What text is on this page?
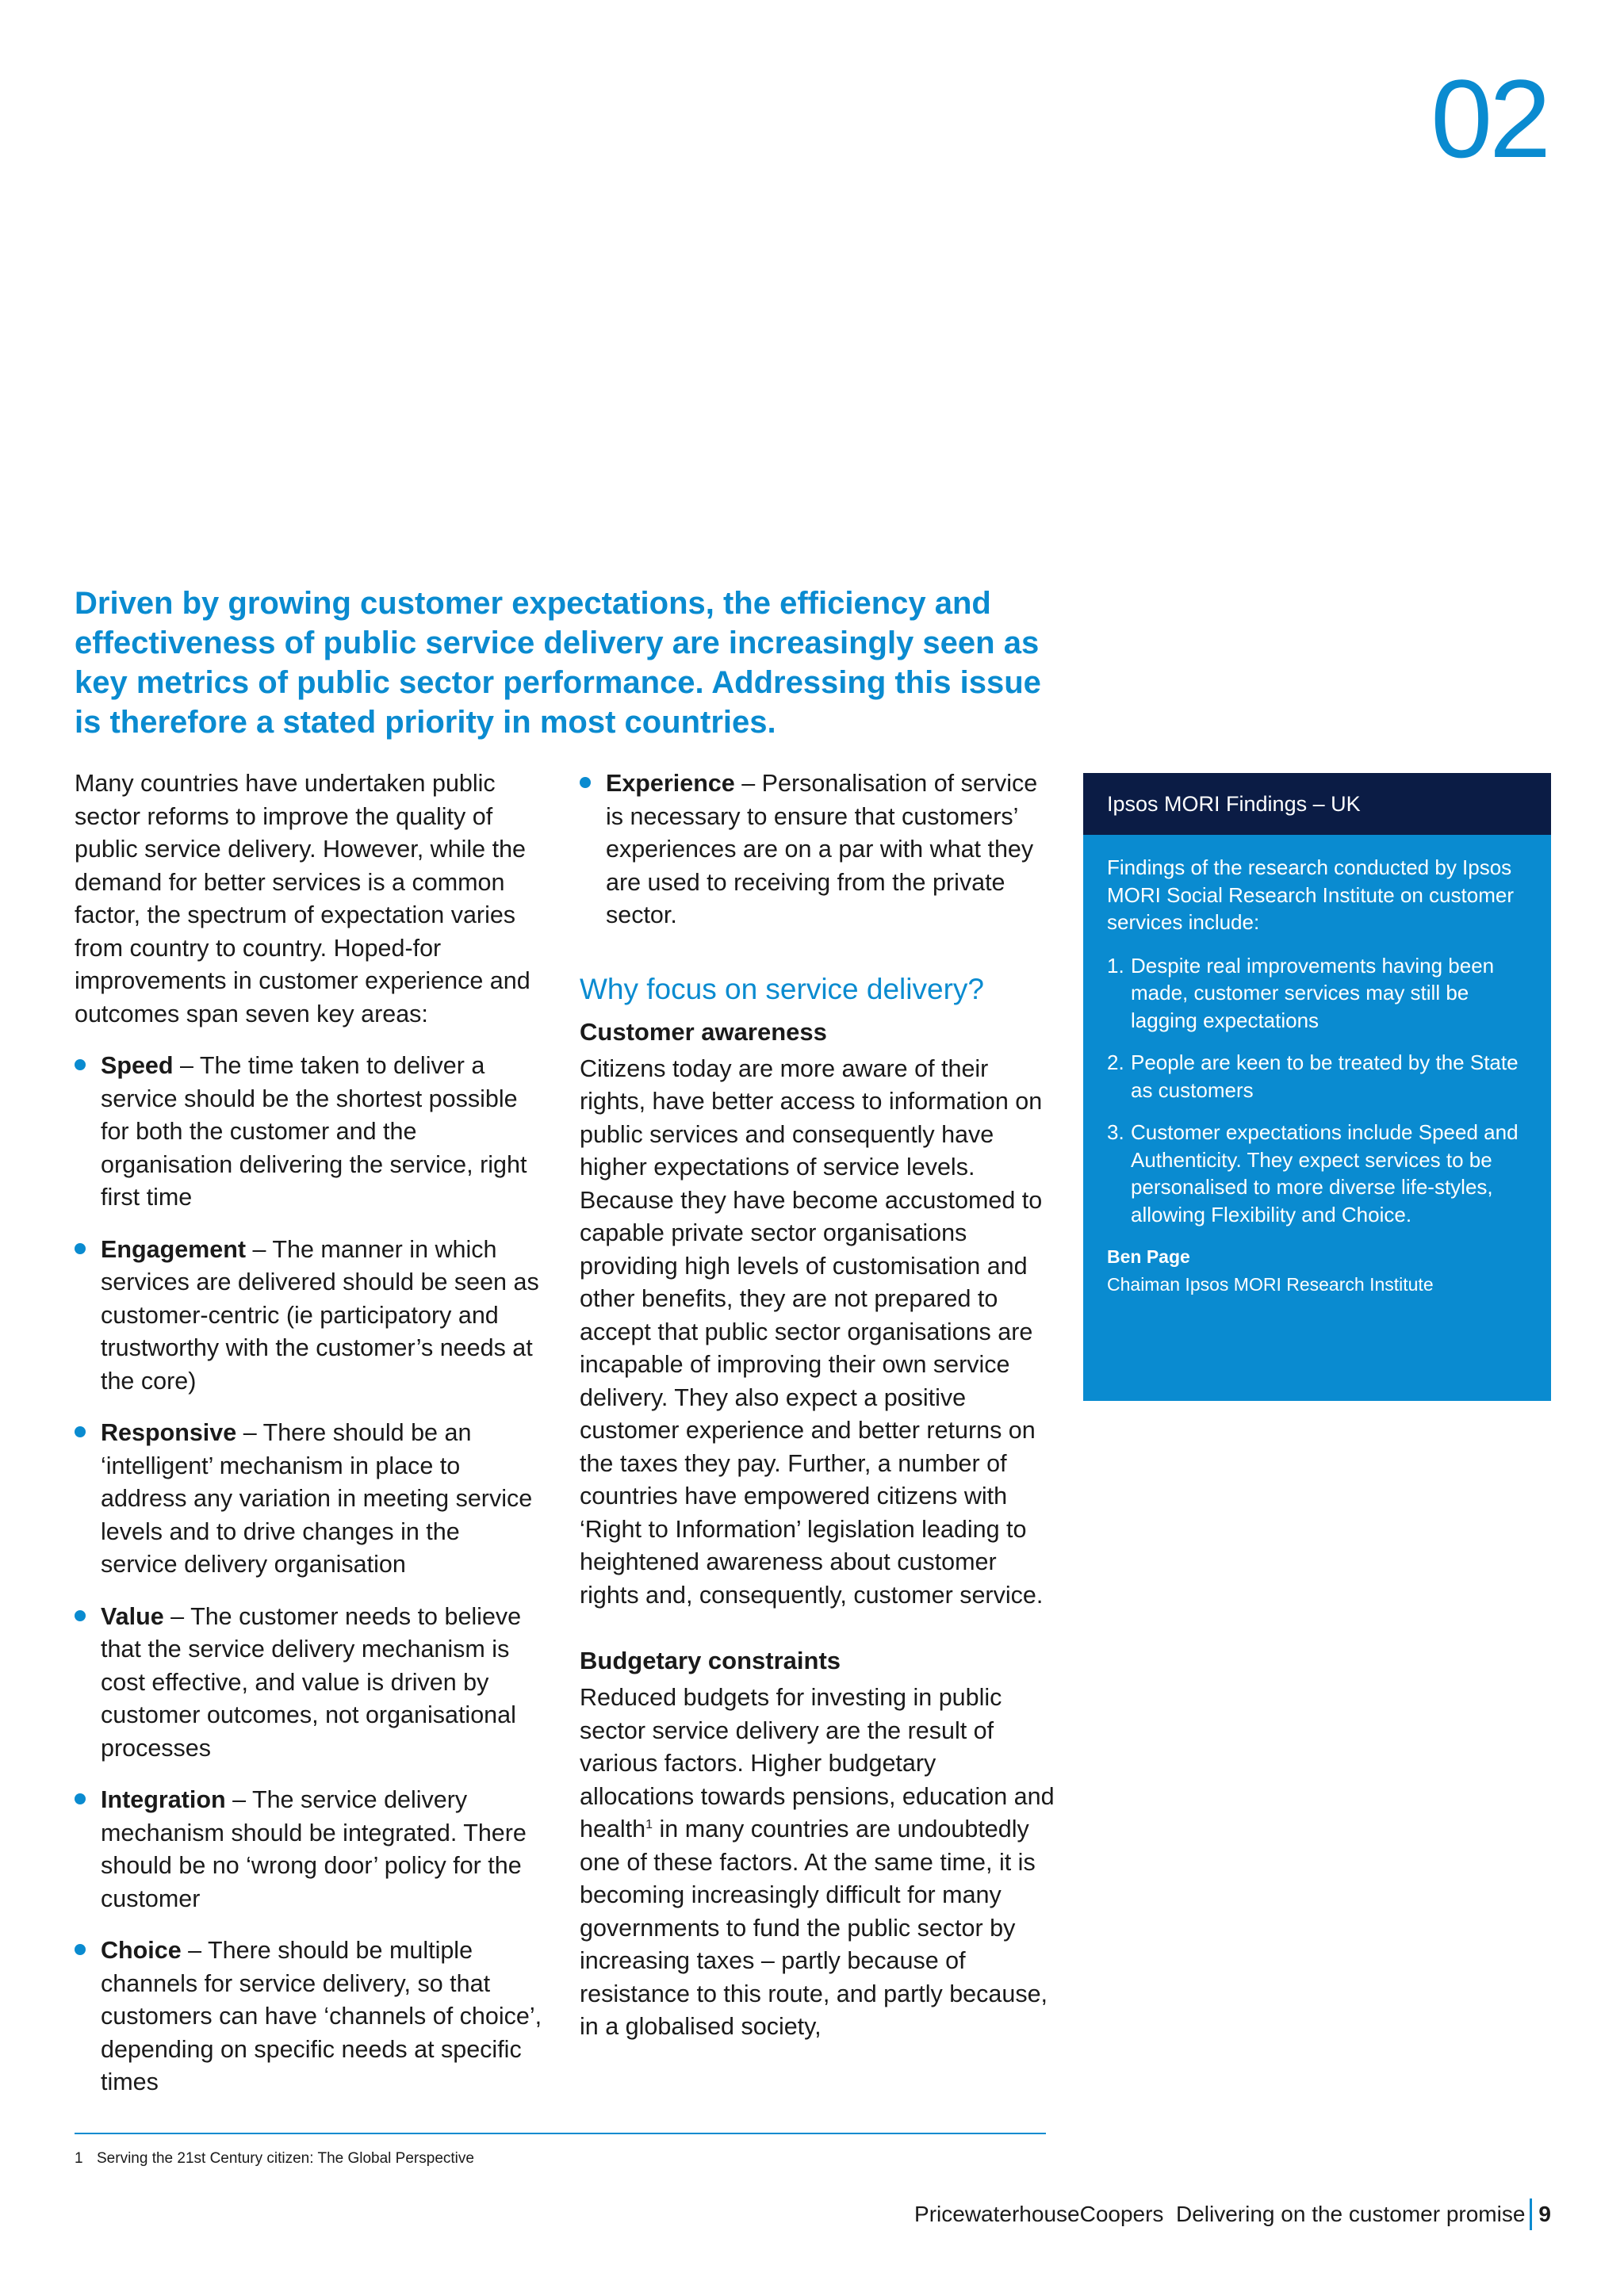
02
Driven by growing customer expectations, the efficiency and effectiveness of public service delivery are increasingly seen as key metrics of public sector performance. Addressing this issue is therefore a stated priority in most countries.

Many countries have undertaken public sector reforms to improve the quality of public service delivery. However, while the demand for better services is a common factor, the spectrum of expectation varies from country to country. Hoped-for improvements in customer experience and outcomes span seven key areas:

Speed – The time taken to deliver a service should be the shortest possible for both the customer and the organisation delivering the service, right first time
Engagement – The manner in which services are delivered should be seen as customer-centric (ie participatory and trustworthy with the customer’s needs at the core)
Responsive – There should be an ‘intelligent’ mechanism in place to address any variation in meeting service levels and to drive changes in the service delivery organisation
Value – The customer needs to believe that the service delivery mechanism is cost effective, and value is driven by customer outcomes, not organisational processes
Integration – The service delivery mechanism should be integrated. There should be no ‘wrong door’ policy for the customer
Choice – There should be multiple channels for service delivery, so that customers can have ‘channels of choice’, depending on specific needs at specific times
Experience – Personalisation of service is necessary to ensure that customers’ experiences are on a par with what they are used to receiving from the private sector.
Why focus on service delivery?
Customer awareness

Citizens today are more aware of their rights, have better access to information on public services and consequently have higher expectations of service levels. Because they have become accustomed to capable private sector organisations providing high levels of customisation and other benefits, they are not prepared to accept that public sector organisations are incapable of improving their own service delivery. They also expect a positive customer experience and better returns on the taxes they pay. Further, a number of countries have empowered citizens with ‘Right to Information’ legislation leading to heightened awareness about customer rights and, consequently, customer service.

Budgetary constraints

Reduced budgets for investing in public sector service delivery are the result of various factors. Higher budgetary allocations towards pensions, education and health$^1$ in many countries are undoubtedly one of these factors. At the same time, it is becoming increasingly difficult for many governments to fund the public sector by increasing taxes – partly because of resistance to this route, and partly because, in a globalised society,

Ipsos MORI Findings – UK

Findings of the research conducted by Ipsos MORI Social Research Institute on customer services include:

1. Despite real improvements having been made, customer services may still be lagging expectations
2. People are keen to be treated by the State as customers
3. Customer expectations include Speed and Authenticity. They expect services to be personalised to more diverse life-styles, allowing Flexibility and Choice.

Ben Page

Chaiman Ipsos MORI Research Institute

1 Serving the 21st Century citizen: The Global Perspective
PricewaterhouseCoopers
Delivering on the customer promise 9
